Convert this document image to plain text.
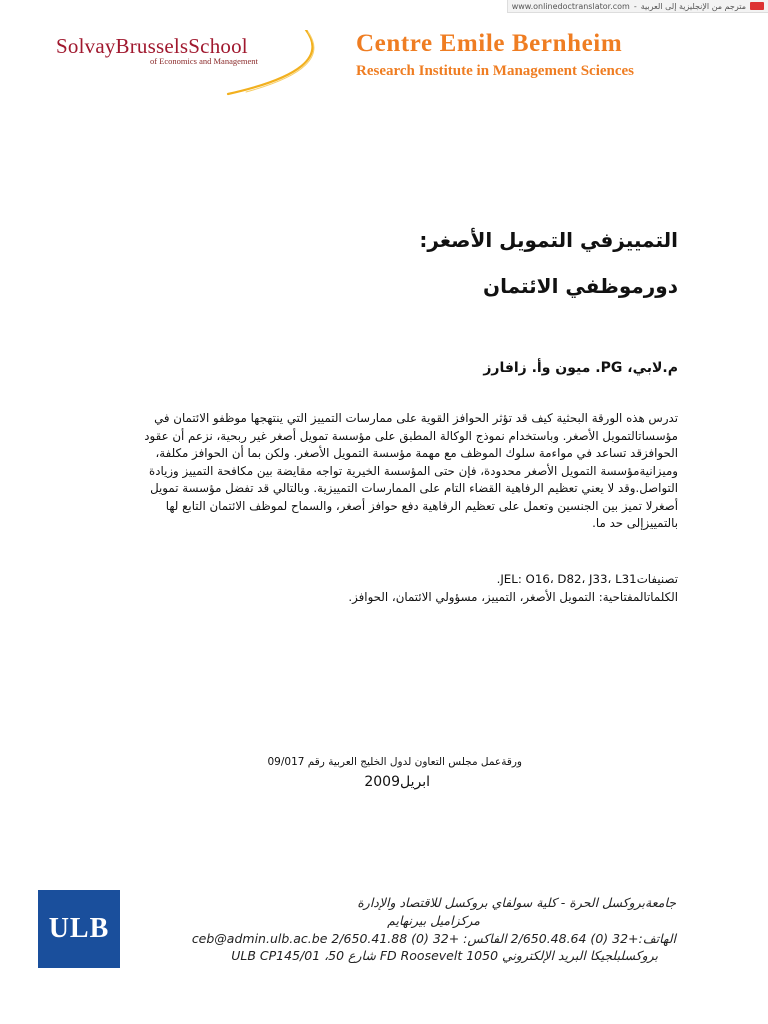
www.onlinedoctranslator.com - مترجم من الإنجليزية إلى العربية
SolvayBrusselsSchool
of Economics and Management
Centre Emile Bernheim
Research Institute in Management Sciences
التمييزفي التمويل الأصغر:
دورموظفي الائتمان
م.لابي، PG. ميون وأ. زافارز
تدرس هذه الورقة البحثية كيف قد تؤثر الحوافز القوية على ممارسات التمييز التي ينتهجها موظفو الائتمان في
مؤسساتالتمويل الأصغر. وباستخدام نموذج الوكالة المطبق على مؤسسة تمويل أصغر غير ربحية، نزعم أن عقود
الحوافزقد تساعد في مواءمة سلوك الموظف مع مهمة مؤسسة التمويل الأصغر. ولكن بما أن الحوافز مكلفة،
وميزانيةمؤسسة التمويل الأصغر محدودة، فإن حتى المؤسسة الخيرية تواجه مقايضة بين مكافحة التمييز وزيادة
التواصل.وقد لا يعني تعظيم الرفاهية القضاء التام على الممارسات التمييزية. وبالتالي قد تفضل مؤسسة تمويل
أصغرلا تميز بين الجنسين وتعمل على تعظيم الرفاهية دفع حوافز أصغر، والسماح لموظف الائتمان التابع لها
بالتمييزإلى حد ما.
تصنيفاتJEL: O16، D82، J33، L31.
الكلماتالمفتاحية: التمويل الأصغر، التمييز، مسؤولي الائتمان، الحوافز.
ورقةعمل مجلس التعاون لدول الخليج العربية رقم 09/017
ابريل2009
ULB
جامعةبروكسل الحرة - كلية سولفاي بروكسل للاقتصاد والإدارة
مركزاميل بيرنهايم
الهاتف:+32 (0) 2/650.48.64 الفاكس: +32 (0) 2/650.41.88 ceb@admin.ulb.ac.be
بروكسلبلجيكا البريد الإلكتروني 1050 FD Roosevelt شارع 50، ULB CP145/01
